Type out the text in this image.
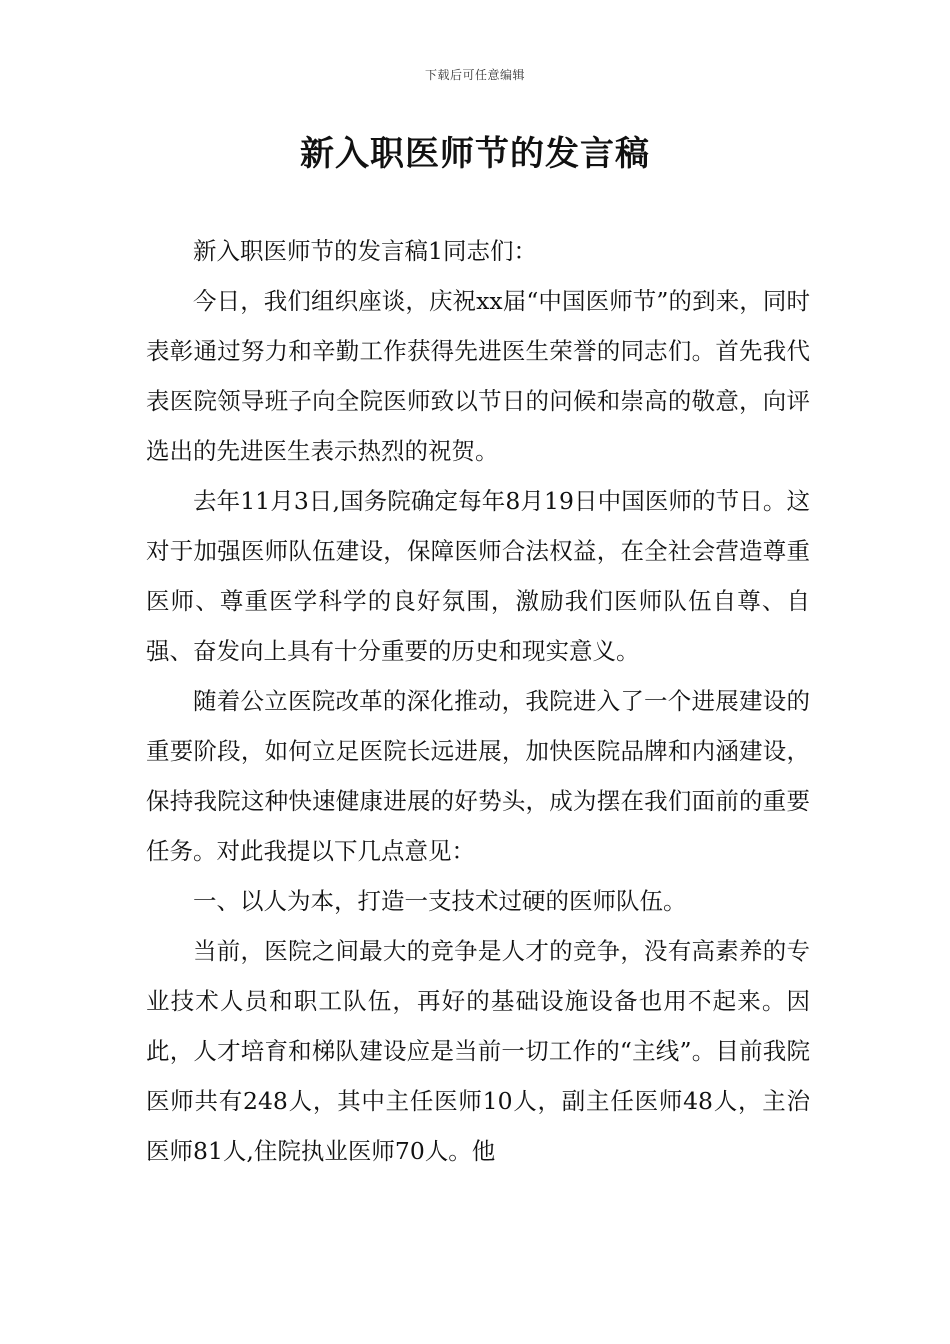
下载后可任意编辑
新入职医师节的发言稿

新入职医师节的发言稿1同志们：

今日，我们组织座谈，庆祝xx届“中国医师节”的到来，同时表彰通过努力和辛勤工作获得先进医生荣誉的同志们。首先我代表医院领导班子向全院医师致以节日的问候和崇高的敬意，向评选出的先进医生表示热烈的祝贺。

去年11月3日,国务院确定每年8月19日中国医师的节日。这对于加强医师队伍建设，保障医师合法权益，在全社会营造尊重医师、尊重医学科学的良好氛围，激励我们医师队伍自尊、自强、奋发向上具有十分重要的历史和现实意义。

随着公立医院改革的深化推动，我院进入了一个进展建设的重要阶段，如何立足医院长远进展，加快医院品牌和内涵建设，保持我院这种快速健康进展的好势头，成为摆在我们面前的重要任务。对此我提以下几点意见：

一、以人为本，打造一支技术过硬的医师队伍。

当前，医院之间最大的竞争是人才的竞争，没有高素养的专业技术人员和职工队伍，再好的基础设施设备也用不起来。因此，人才培育和梯队建设应是当前一切工作的“主线”。目前我院医师共有248人，其中主任医师10人，副主任医师48人，主治医师81人,住院执业医师70人。他
